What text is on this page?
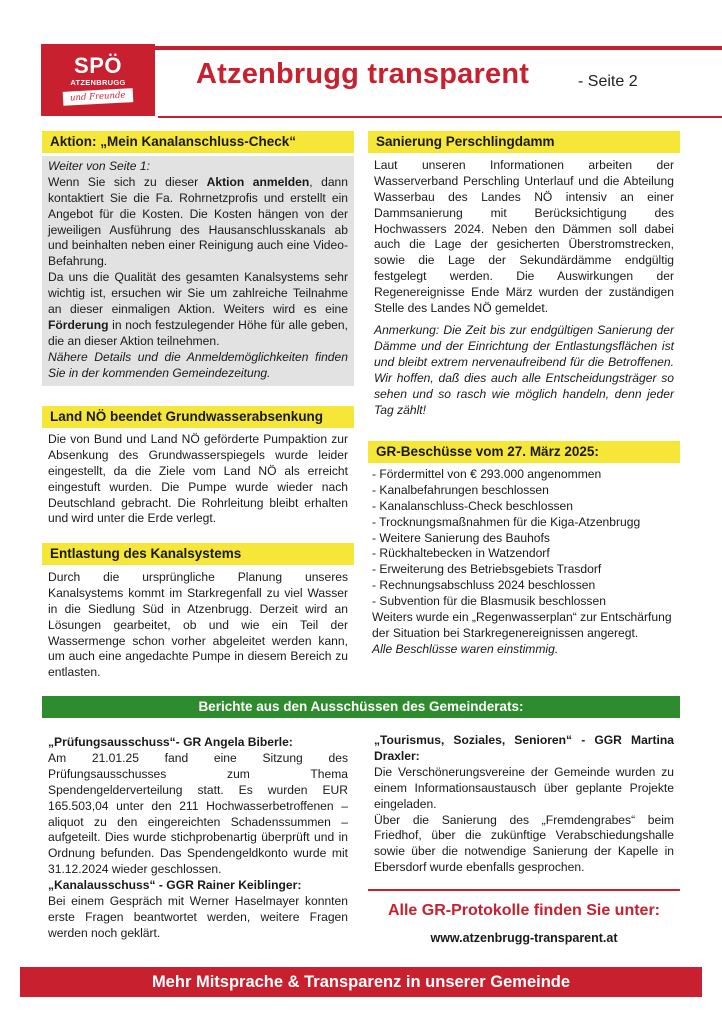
SPÖ
ATZENBRUGG
und Freunde
Atzenbrugg transparent	- Seite 2
Aktion: „Mein Kanalanschluss-Check“
Weiter von Seite 1:
Wenn Sie sich zu dieser Aktion anmelden, dann kontaktiert Sie die Fa. Rohrnetzprofis und erstellt ein Angebot für die Kosten. Die Kosten hängen von der jeweiligen Ausführung des Hausanschlusskanals ab und beinhalten neben einer Reinigung auch eine Video-Befahrung.
Da uns die Qualität des gesamten Kanalsystems sehr wichtig ist, ersuchen wir Sie um zahlreiche Teilnahme an dieser einmaligen Aktion. Weiters wird es eine Förderung in noch festzulegender Höhe für alle geben, die an dieser Aktion teilnehmen.
Nähere Details und die Anmeldemöglichkeiten finden Sie in der kommenden Gemeindezeitung.
Land NÖ beendet Grundwasserabsenkung
Die von Bund und Land NÖ geförderte Pumpaktion zur Absenkung des Grundwasserspiegels wurde leider eingestellt, da die Ziele vom Land NÖ als erreicht eingestuft wurden. Die Pumpe wurde wieder nach Deutschland gebracht. Die Rohrleitung bleibt erhalten und wird unter die Erde verlegt.
Entlastung des Kanalsystems
Durch die ursprüngliche Planung unseres Kanalsystems kommt im Starkregenfall zu viel Wasser in die Siedlung Süd in Atzenbrugg. Derzeit wird an Lösungen gearbeitet, ob und wie ein Teil der Wassermenge schon vorher abgeleitet werden kann, um auch eine angedachte Pumpe in diesem Bereich zu entlasten.
Sanierung Perschlingdamm
Laut unseren Informationen arbeiten der Wasserverband Perschling Unterlauf und die Abteilung Wasserbau des Landes NÖ intensiv an einer Dammsanierung mit Berücksichtigung des Hochwassers 2024. Neben den Dämmen soll dabei auch die Lage der gesicherten Überstromstrecken, sowie die Lage der Sekundärdämme endgültig festgelegt werden. Die Auswirkungen der Regenereignisse Ende März wurden der zuständigen Stelle des Landes NÖ gemeldet.
Anmerkung: Die Zeit bis zur endgültigen Sanierung der Dämme und der Einrichtung der Entlastungsflächen ist und bleibt extrem nervenaufreibend für die Betroffenen. Wir hoffen, daß dies auch alle Entscheidungsträger so sehen und so rasch wie möglich handeln, denn jeder Tag zählt!
GR-Beschüsse vom 27. März 2025:
- Fördermittel von € 293.000 angenommen
- Kanalbefahrungen beschlossen
- Kanalanschluss-Check beschlossen
- Trocknungsmaßnahmen für die Kiga-Atzenbrugg
- Weitere Sanierung des Bauhofs
- Rückhaltebecken in Watzendorf
- Erweiterung des Betriebsgebiets Trasdorf
- Rechnungsabschluss 2024 beschlossen
- Subvention für die Blasmusik beschlossen
Weiters wurde ein „Regenwasserplan“ zur Entschärfung der Situation bei Starkregenereignissen angeregt.
Alle Beschlüsse waren einstimmig.
Berichte aus den Ausschüssen des Gemeinderats:
„Prüfungsausschuss“- GR Angela Biberle:
Am 21.01.25 fand eine Sitzung des Prüfungsausschusses zum Thema Spendengelderverteilung statt. Es wurden EUR 165.503,04 unter den 211 Hochwasserbetroffenen – aliquot zu den eingereichten Schadenssummen – aufgeteilt. Dies wurde stichprobenartig überprüft und in Ordnung befunden. Das Spendengeldkonto wurde mit 31.12.2024 wieder geschlossen.
„Kanalausschuss“ - GGR Rainer Keiblinger:
Bei einem Gespräch mit Werner Haselmayer konnten erste Fragen beantwortet werden, weitere Fragen werden noch geklärt.
„Tourismus, Soziales, Senioren“ - GGR Martina Draxler:
Die Verschönerungsvereine der Gemeinde wurden zu einem Informationsaustausch über geplante Projekte eingeladen.
Über die Sanierung des „Fremdengrabes“ beim Friedhof, über die zukünftige Verabschiedungshalle sowie über die notwendige Sanierung der Kapelle in Ebersdorf wurde ebenfalls gesprochen.
Alle GR-Protokolle finden Sie unter:
www.atzenbrugg-transparent.at
Mehr Mitsprache & Transparenz in unserer Gemeinde
